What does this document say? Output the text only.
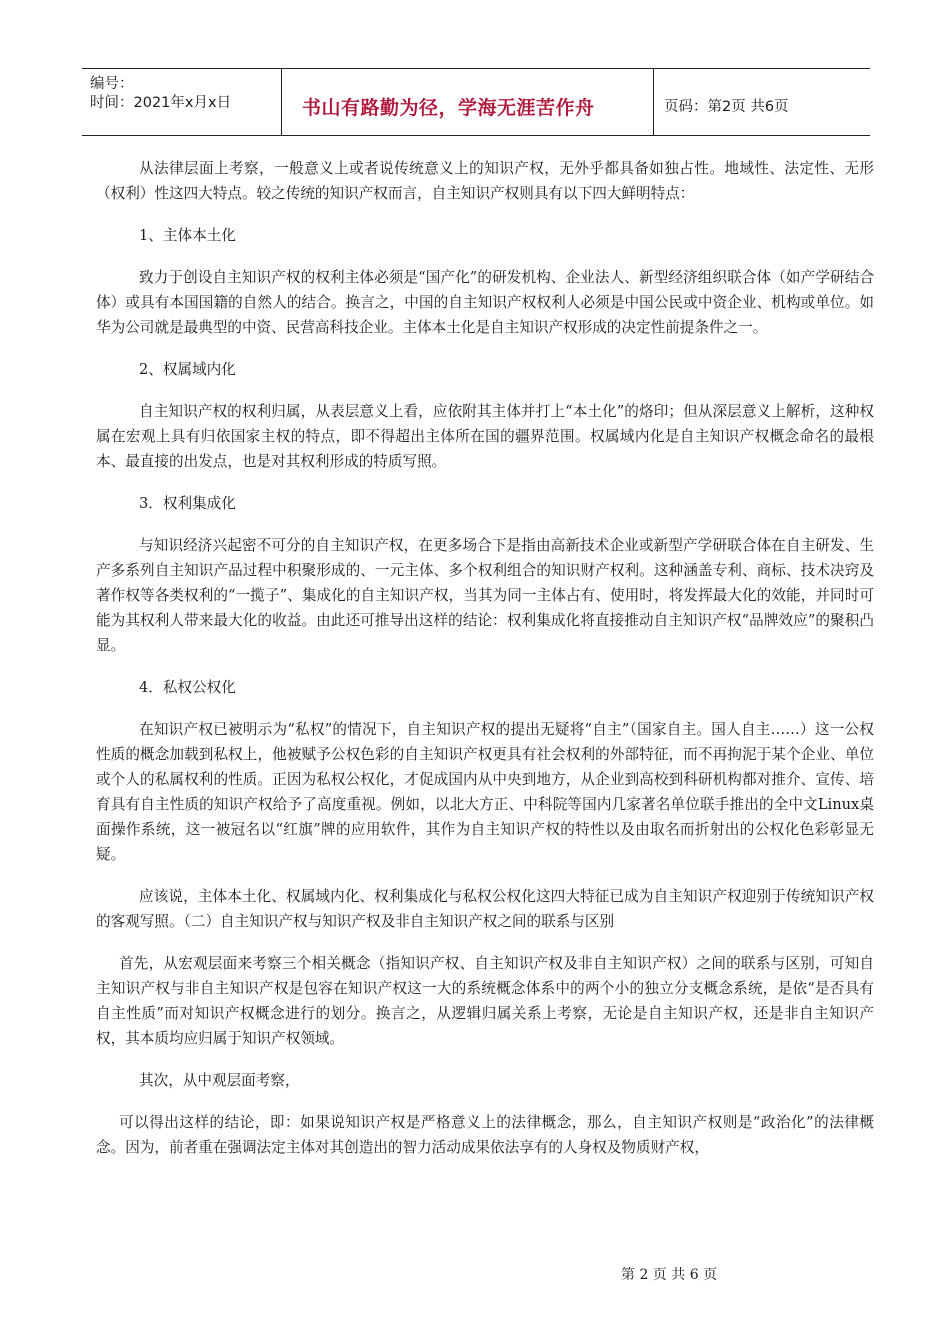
编号：
时间：2021年x月x日	书山有路勤为径，学海无涯苦作舟	页码：第2页 共6页

从法律层面上考察，一般意义上或者说传统意义上的知识产权，无外乎都具备如独占性。地域性、法定性、无形（权利）性这四大特点。较之传统的知识产权而言，自主知识产权则具有以下四大鲜明特点：

1、主体本土化

致力于创设自主知识产权的权利主体必须是“国产化”的研发机构、企业法人、新型经济组织联合体（如产学研结合体）或具有本国国籍的自然人的结合。换言之，中国的自主知识产权权利人必须是中国公民或中资企业、机构或单位。如华为公司就是最典型的中资、民营高科技企业。主体本土化是自主知识产权形成的决定性前提条件之一。

2、权属域内化

自主知识产权的权利归属，从表层意义上看，应依附其主体并打上“本土化”的烙印；但从深层意义上解析，这种权属在宏观上具有归依国家主权的特点，即不得超出主体所在国的疆界范围。权属域内化是自主知识产权概念命名的最根本、最直接的出发点，也是对其权利形成的特质写照。

3．权利集成化

与知识经济兴起密不可分的自主知识产权，在更多场合下是指由高新技术企业或新型产学研联合体在自主研发、生产多系列自主知识产品过程中积聚形成的、一元主体、多个权利组合的知识财产权利。这种涵盖专利、商标、技术决窍及著作权等各类权利的“一揽子”、集成化的自主知识产权，当其为同一主体占有、使用时，将发挥最大化的效能，并同时可能为其权利人带来最大化的收益。由此还可推导出这样的结论：权利集成化将直接推动自主知识产权“品牌效应”的聚积凸显。

4．私权公权化

在知识产权已被明示为“私权”的情况下，自主知识产权的提出无疑将“自主”（国家自主。国人自主……）这一公权性质的概念加载到私权上，他被赋予公权色彩的自主知识产权更具有社会权利的外部特征，而不再拘泥于某个企业、单位或个人的私属权利的性质。正因为私权公权化，才促成国内从中央到地方，从企业到高校到科研机构都对推介、宣传、培育具有自主性质的知识产权给予了高度重视。例如，以北大方正、中科院等国内几家著名单位联手推出的全中文Linux桌面操作系统，这一被冠名以“红旗”牌的应用软件，其作为自主知识产权的特性以及由取名而折射出的公权化色彩彰显无疑。

应该说，主体本土化、权属域内化、权利集成化与私权公权化这四大特征已成为自主知识产权迎别于传统知识产权的客观写照。（二）自主知识产权与知识产权及非自主知识产权之间的联系与区别

首先，从宏观层面来考察三个相关概念（指知识产权、自主知识产权及非自主知识产权）之间的联系与区别，可知自主知识产权与非自主知识产权是包容在知识产权这一大的系统概念体系中的两个小的独立分支概念系统，是依“是否具有自主性质”而对知识产权概念进行的划分。换言之，从逻辑归属关系上考察，无论是自主知识产权，还是非自主知识产权，其本质均应归属于知识产权领域。

其次，从中观层面考察，

可以得出这样的结论，即：如果说知识产权是严格意义上的法律概念，那么，自主知识产权则是“政治化”的法律概念。因为，前者重在强调法定主体对其创造出的智力活动成果依法享有的人身权及物质财产权，

第 2 页 共 6 页
